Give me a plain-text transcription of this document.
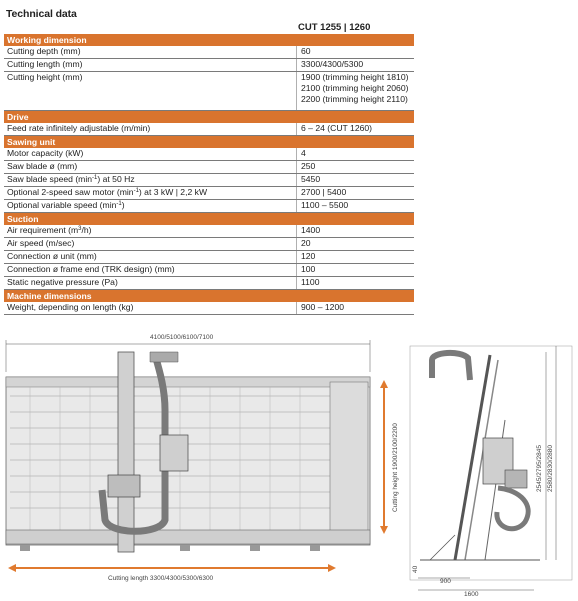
Technical data
CUT 1255 | 1260
Working dimension	
Cutting depth (mm)	60
Cutting length (mm)	3300/4300/5300
Cutting height (mm)	1900 (trimming height 1810)
2100 (trimming height 2060)
2200 (trimming height 2110)

Drive	
Feed rate infinitely adjustable (m/min)	6 – 24 (CUT 1260)
Sawing unit	
Motor capacity (kW)	4
Saw blade ø (mm)	250
Saw blade speed $(\min^{-1})$ at 50 Hz	5450
Optional 2-speed saw motor $(\min^{-1})$ at 3 kW | 2,2 kW	2700 | 5400
Optional variable speed $(\min^{-1})$	1100 – 5500
Suction	
Air requirement $(m^3/h)$	1400
Air speed (m/sec)	20
Connection ø unit (mm)	120
Connection ø frame end (TRK design) (mm)	100
Static negative pressure (Pa)	1100
Machine dimensions	
Weight, depending on length (kg)	900 – 1200
4100/5100/6100/7100
Cutting length 3300/4300/5300/6300
Cutting height 1900/2100/2200	2545/2795/2845 2580/2830/2880
900
1600
40
